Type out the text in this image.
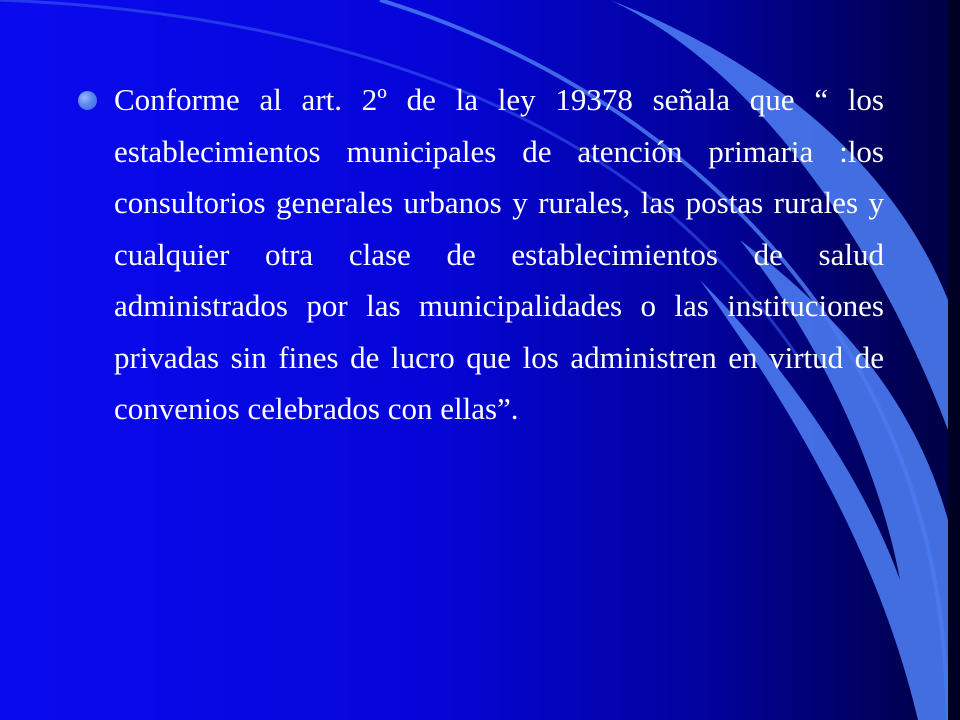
Conforme al art. 2º de la ley 19378 señala que “ los establecimientos municipales de atención primaria :los consultorios generales urbanos y rurales, las postas rurales y cualquier otra clase de establecimientos de salud administrados por las municipalidades o las instituciones privadas sin fines de lucro que los administren en virtud de convenios celebrados con ellas”.
